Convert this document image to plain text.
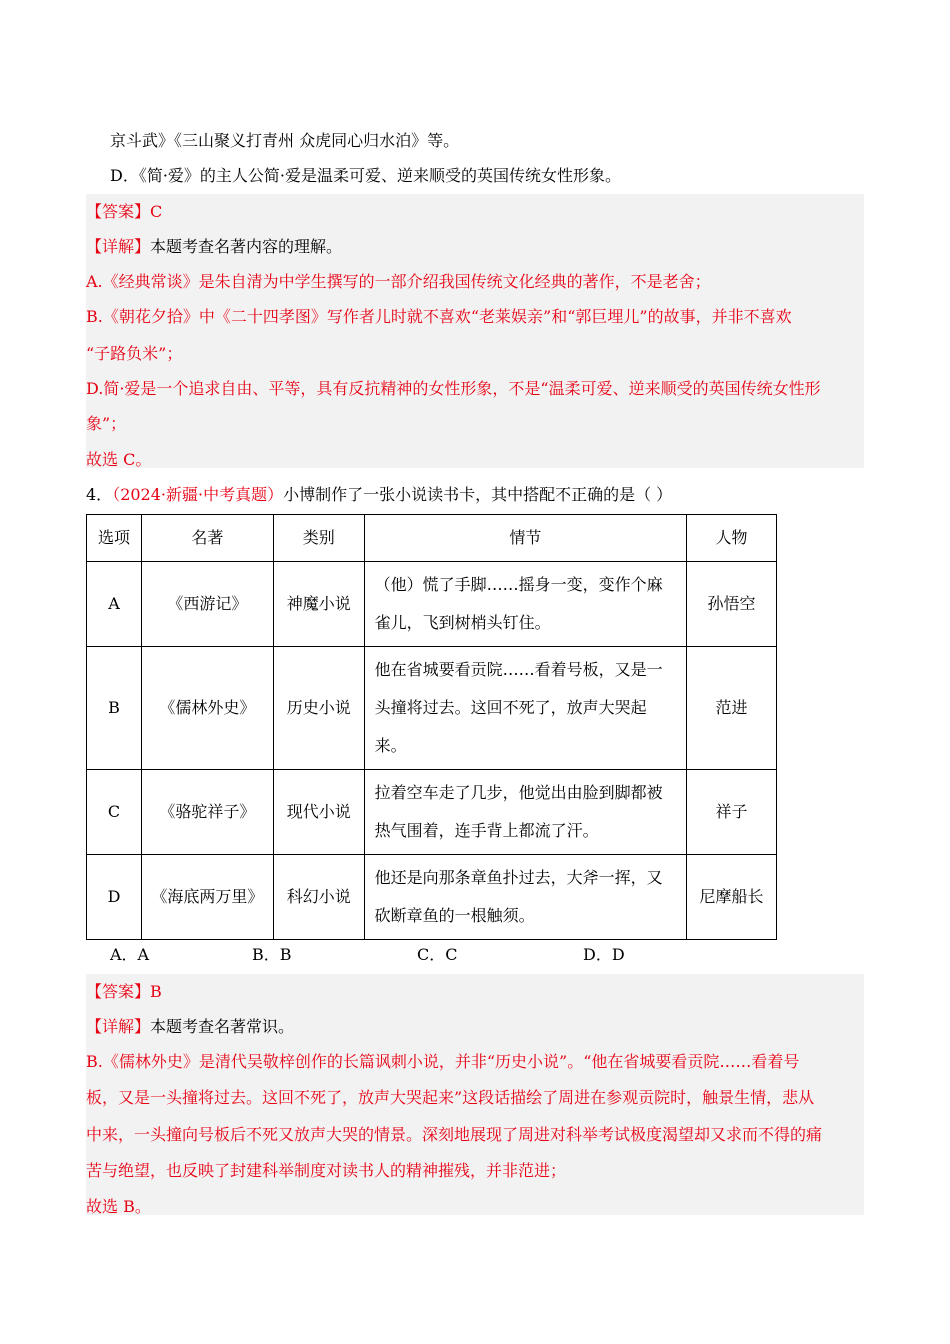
京斗武》《三山聚义打青州 众虎同心归水泊》等。
D．《简·爱》的主人公简·爱是温柔可爱、逆来顺受的英国传统女性形象。
【答案】C
【详解】本题考查名著内容的理解。
A.《经典常谈》是朱自清为中学生撰写的一部介绍我国传统文化经典的著作，不是老舍；
B.《朝花夕拾》中《二十四孝图》写作者儿时就不喜欢“老莱娱亲”和“郭巨埋儿”的故事，并非不喜欢
“子路负米”；
D.简·爱是一个追求自由、平等，具有反抗精神的女性形象，不是“温柔可爱、逆来顺受的英国传统女性形
象”；
故选 C。
4．（2024·新疆·中考真题）小博制作了一张小说读书卡，其中搭配不正确的是（ ）
选项	名著	类别	情节	人物
A	《西游记》	神魔小说	（他）慌了手脚……摇身一变，变作个麻雀儿，飞到树梢头钉住。	孙悟空
B	《儒林外史》	历史小说	他在省城要看贡院……看着号板，又是一头撞将过去。这回不死了，放声大哭起来。	范进
C	《骆驼祥子》	现代小说	拉着空车走了几步，他觉出由脸到脚都被热气围着，连手背上都流了汗。	祥子
D	《海底两万里》	科幻小说	他还是向那条章鱼扑过去，大斧一挥，又砍断章鱼的一根触须。	尼摩船长
A．A	B．B	C．C	D．D
【答案】B
【详解】本题考查名著常识。
B.《儒林外史》是清代吴敬梓创作的长篇讽刺小说，并非“历史小说”。“他在省城要看贡院……看着号
板，又是一头撞将过去。这回不死了，放声大哭起来”这段话描绘了周进在参观贡院时，触景生情，悲从
中来，一头撞向号板后不死又放声大哭的情景。深刻地展现了周进对科举考试极度渴望却又求而不得的痛
苦与绝望，也反映了封建科举制度对读书人的精神摧残，并非范进；
故选 B。
